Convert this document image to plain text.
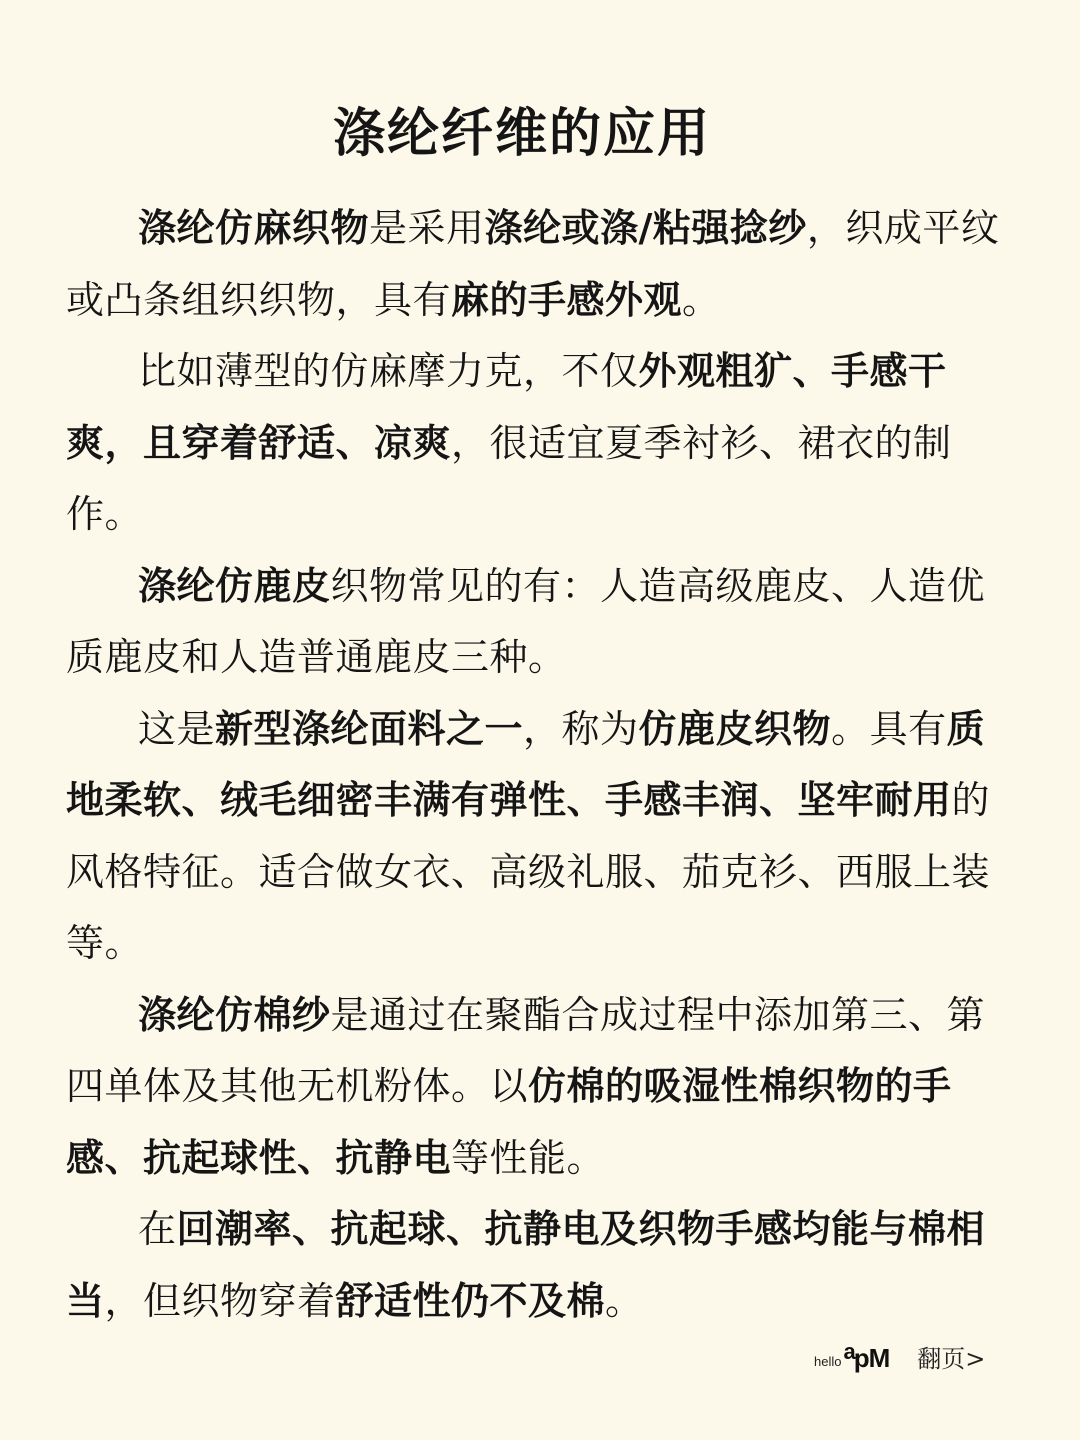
涤纶纤维的应用

涤纶仿麻织物是采用涤纶或涤/粘强捻纱，织成平纹或凸条组织织物，具有麻的手感外观。

比如薄型的仿麻摩力克，不仅外观粗犷、手感干爽，且穿着舒适、凉爽，很适宜夏季衬衫、裙衣的制作。

涤纶仿鹿皮织物常见的有：人造高级鹿皮、人造优质鹿皮和人造普通鹿皮三种。

这是新型涤纶面料之一，称为仿鹿皮织物。具有质地柔软、绒毛细密丰满有弹性、手感丰润、坚牢耐用的风格特征。适合做女衣、高级礼服、茄克衫、西服上装等。

涤纶仿棉纱是通过在聚酯合成过程中添加第三、第四单体及其他无机粉体。以仿棉的吸湿性棉织物的手感、抗起球性、抗静电等性能。

在回潮率、抗起球、抗静电及织物手感均能与棉相当，但织物穿着舒适性仍不及棉。

hello $^a$pM 翻页>
